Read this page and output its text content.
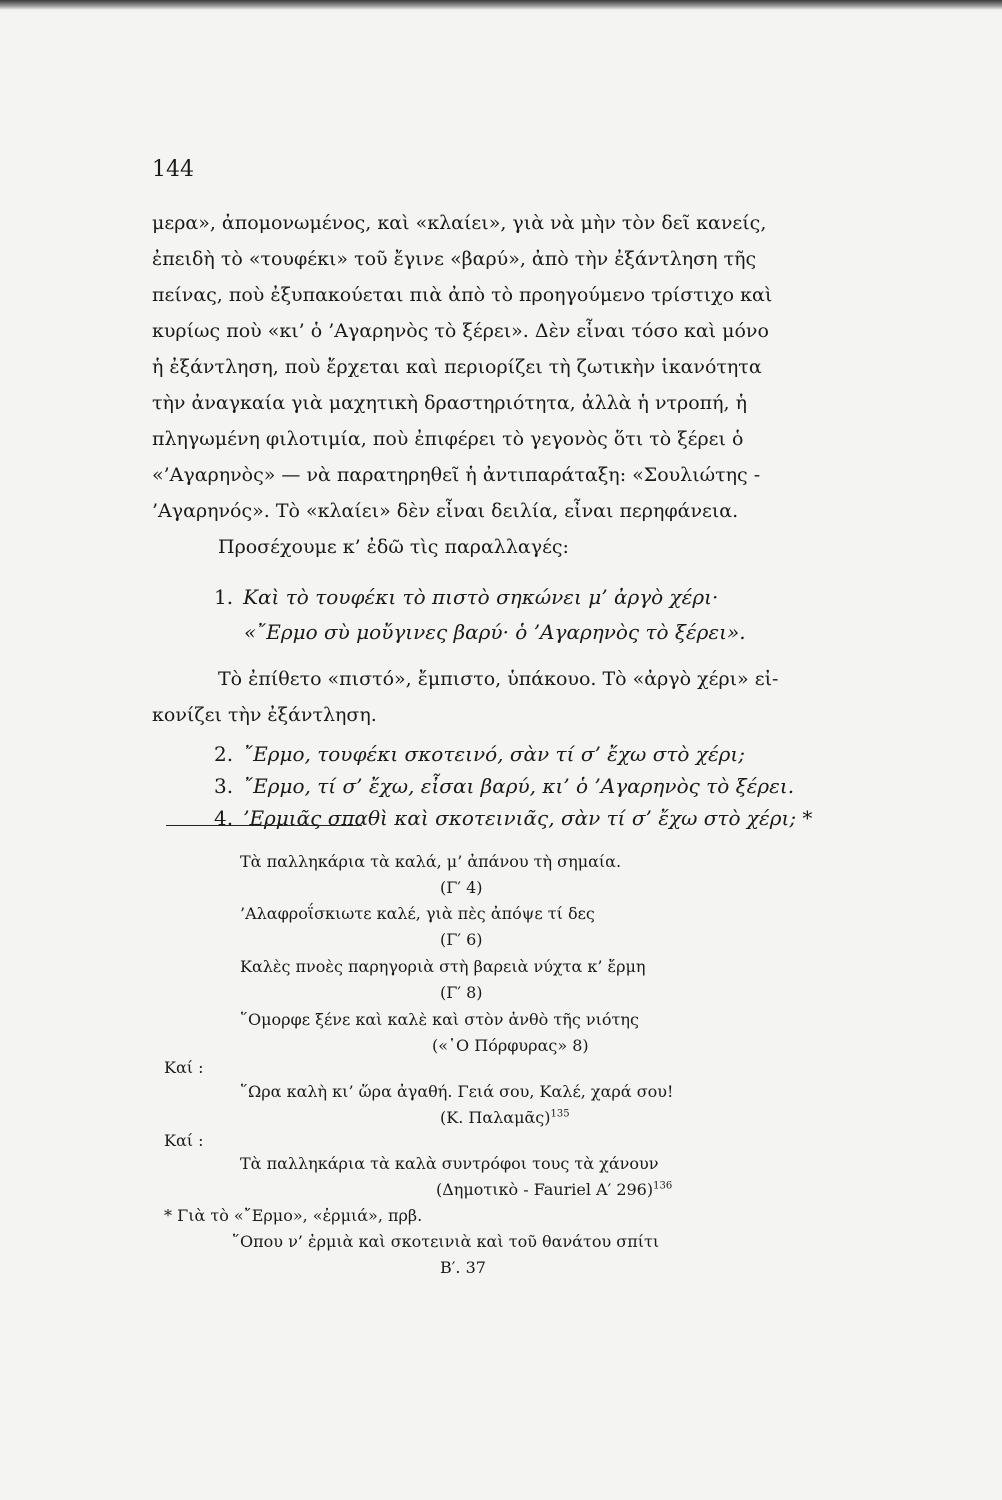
144
μερα», ἀπομονωμένος, καὶ «κλαίει», γιὰ νὰ μὴν τὸν δεῖ κανείς,
ἐπειδὴ τὸ «τουφέκι» τοῦ ἔγινε «βαρύ», ἀπὸ τὴν ἐξάντληση τῆς
πείνας, ποὺ ἐξυπακούεται πιὰ ἀπὸ τὸ προηγούμενο τρίστιχο καὶ
κυρίως ποὺ «κι’ ὁ ’Αγαρηνὸς τὸ ξέρει». Δὲν εἶναι τόσο καὶ μόνο
ἡ ἐξάντληση, ποὺ ἔρχεται καὶ περιορίζει τὴ ζωτικὴν ἱκανότητα
τὴν ἀναγκαία γιὰ μαχητικὴ δραστηριότητα, ἀλλὰ ἡ ντροπή, ἡ
πληγωμένη φιλοτιμία, ποὺ ἐπιφέρει τὸ γεγονὸς ὅτι τὸ ξέρει ὁ
«’Αγαρηνὸς» — νὰ παρατηρηθεῖ ἡ ἀντιπαράταξη: «Σουλιώτης -
’Αγαρηνός». Τὸ «κλαίει» δὲν εἶναι δειλία, εἶναι περηφάνεια.
Προσέχουμε κ’ ἐδῶ τὶς παραλλαγές:
1. Καὶ τὸ τουφέκι τὸ πιστὸ σηκώνει μ’ ἀργὸ χέρι·
«῎Ερμο σὺ μοὔγινες βαρύ· ὁ ’Αγαρηνὸς τὸ ξέρει».
Τὸ ἐπίθετο «πιστό», ἔμπιστο, ὑπάκουο. Τὸ «ἀργὸ χέρι» εἰ-
κονίζει τὴν ἐξάντληση.
2. ῎Ερμο, τουφέκι σκοτεινό, σὰν τί σ’ ἔχω στὸ χέρι;
3. ῎Ερμο, τί σ’ ἔχω, εἶσαι βαρύ, κι’ ὁ ’Αγαρηνὸς τὸ ξέρει.
4. ’Ερμιᾶς σπαθὶ καὶ σκοτεινιᾶς, σὰν τί σ’ ἔχω στὸ χέρι; *
Τὰ παλληκάρια τὰ καλά, μ’ ἀπάνου τὴ σημαία.
(Γ′ 4)
’Αλαφροΐσκιωτε καλέ, γιὰ πὲς ἀπόψε τί δες
(Γ′ 6)
Καλὲς πνοὲς παρηγοριὰ στὴ βαρειὰ νύχτα κ’ ἔρμη
(Γ′ 8)
῞Ομορφε ξένε καὶ καλὲ καὶ στὸν ἀνθὸ τῆς νιότης
(«῾Ο Πόρφυρας» 8)
Καί :
῞Ωρα καλὴ κι’ ὥρα ἀγαθή. Γειά σου, Καλέ, χαρά σου!
(Κ. Παλαμᾶς)$^{135}$
Καί :
Τὰ παλληκάρια τὰ καλὰ συντρόφοι τους τὰ χάνουν
(Δημοτικὸ - Fauriel Α′ 296)$^{136}$
* Γιὰ τὸ «῎Ερμο», «ἐρμιά», πρβ.
῞Οπου ν’ ἐρμιὰ καὶ σκοτεινιὰ καὶ τοῦ θανάτου σπίτι
Β′. 37
